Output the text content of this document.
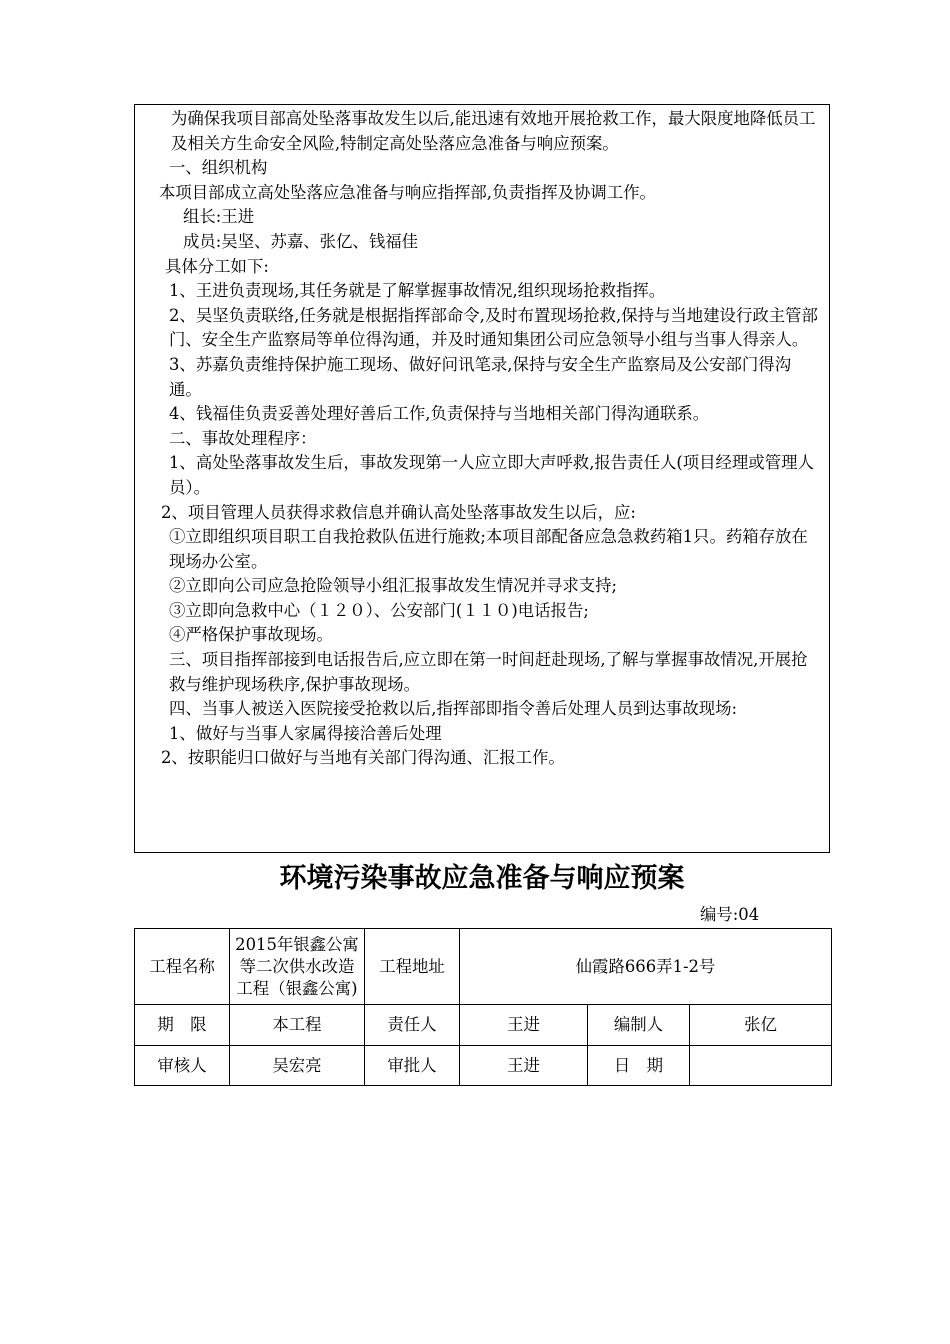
为确保我项目部高处坠落事故发生以后,能迅速有效地开展抢救工作，最大限度地降低员工及相关方生命安全风险,特制定高处坠落应急准备与响应预案。

一、组织机构

本项目部成立高处坠落应急准备与响应指挥部,负责指挥及协调工作。

组长:王进

成员:吴坚、苏嘉、张亿、钱福佳

具体分工如下:

1、王进负责现场,其任务就是了解掌握事故情况,组织现场抢救指挥。

2、吴坚负责联络,任务就是根据指挥部命令,及时布置现场抢救,保持与当地建设行政主管部门、安全生产监察局等单位得沟通，并及时通知集团公司应急领导小组与当事人得亲人。

3、苏嘉负责维持保护施工现场、做好问讯笔录,保持与安全生产监察局及公安部门得沟通。

4、钱福佳负责妥善处理好善后工作,负责保持与当地相关部门得沟通联系。

二、事故处理程序：

1、高处坠落事故发生后，事故发现第一人应立即大声呼救,报告责任人(项目经理或管理人员）。

2、项目管理人员获得求救信息并确认高处坠落事故发生以后，应:

①立即组织项目职工自我抢救队伍进行施救;本项目部配备应急急救药箱1只。药箱存放在现场办公室。

②立即向公司应急抢险领导小组汇报事故发生情况并寻求支持;

③立即向急救中心（１２０）、公安部门(１１０)电话报告;

④严格保护事故现场。

三、项目指挥部接到电话报告后,应立即在第一时间赶赴现场,了解与掌握事故情况,开展抢救与维护现场秩序,保护事故现场。

四、当事人被送入医院接受抢救以后,指挥部即指令善后处理人员到达事故现场:

1、做好与当事人家属得接洽善后处理

2、按职能归口做好与当地有关部门得沟通、汇报工作。

环境污染事故应急准备与响应预案
编号:04
工程名称	2015年银鑫公寓等二次供水改造工程（银鑫公寓)	工程地址	仙霞路666弄1-2号		
期　限	本工程	责任人	王进	编制人	张亿
审核人	吴宏亮	审批人	王进	日　期	
